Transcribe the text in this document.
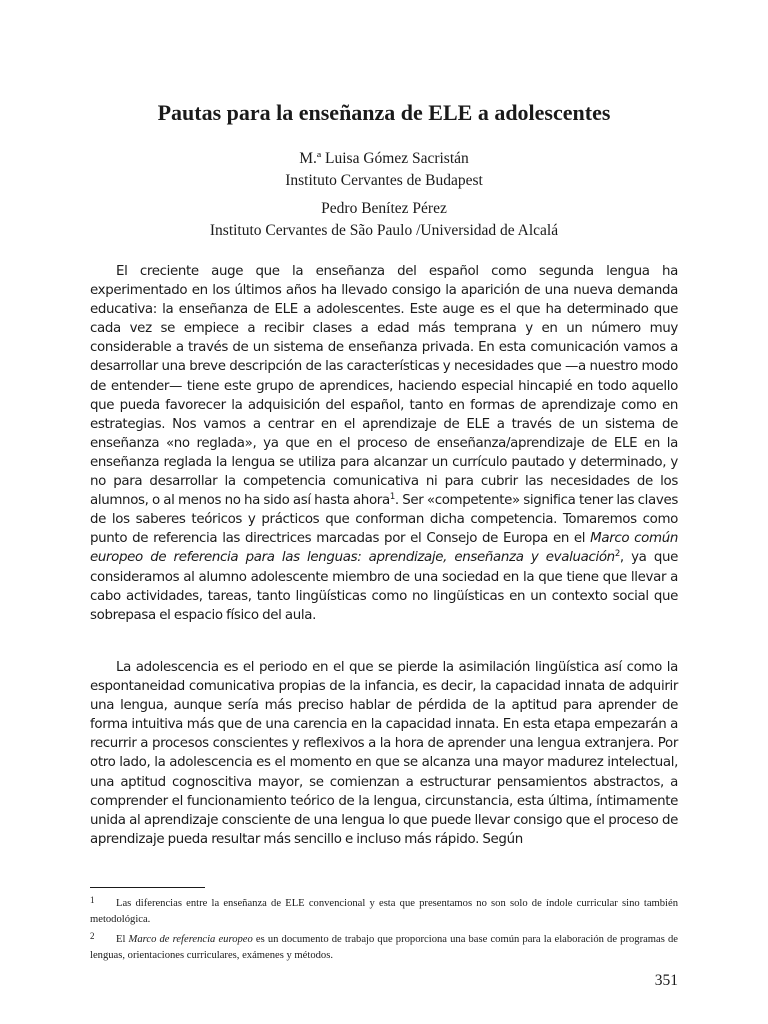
Pautas para la enseñanza de ELE a adolescentes
M.ª Luisa Gómez Sacristán
Instituto Cervantes de Budapest
Pedro Benítez Pérez
Instituto Cervantes de São Paulo /Universidad de Alcalá

El creciente auge que la enseñanza del español como segunda lengua ha experimentado en los últimos años ha llevado consigo la aparición de una nueva demanda educativa: la enseñanza de ELE a adolescentes. Este auge es el que ha determinado que cada vez se empiece a recibir clases a edad más temprana y en un número muy considerable a través de un sistema de enseñanza privada. En esta comunicación vamos a desarrollar una breve descripción de las características y necesidades que —a nuestro modo de entender— tiene este grupo de aprendices, haciendo especial hincapié en todo aquello que pueda favorecer la adquisición del español, tanto en formas de aprendizaje como en estrategias. Nos vamos a centrar en el aprendizaje de ELE a través de un sistema de enseñanza «no reglada», ya que en el proceso de enseñanza/aprendizaje de ELE en la enseñanza reglada la lengua se utiliza para alcanzar un currículo pautado y determinado, y no para desarrollar la competencia comunicativa ni para cubrir las necesidades de los alumnos, o al menos no ha sido así hasta ahora$^1$. Ser «competente» significa tener las claves de los saberes teóricos y prácticos que conforman dicha competencia. Tomaremos como punto de referencia las directrices marcadas por el Consejo de Europa en el Marco común europeo de referencia para las lenguas: aprendizaje, enseñanza y evaluación$^2$, ya que consideramos al alumno adolescente miembro de una sociedad en la que tiene que llevar a cabo actividades, tareas, tanto lingüísticas como no lingüísticas en un contexto social que sobrepasa el espacio físico del aula.

La adolescencia es el periodo en el que se pierde la asimilación lingüística así como la espontaneidad comunicativa propias de la infancia, es decir, la capacidad innata de adquirir una lengua, aunque sería más preciso hablar de pérdida de la aptitud para aprender de forma intuitiva más que de una carencia en la capacidad innata. En esta etapa empezarán a recurrir a procesos conscientes y reflexivos a la hora de aprender una lengua extranjera. Por otro lado, la adolescencia es el momento en que se alcanza una mayor madurez intelectual, una aptitud cognoscitiva mayor, se comienzan a estructurar pensamientos abstractos, a comprender el funcionamiento teórico de la lengua, circunstancia, esta última, íntimamente unida al aprendizaje consciente de una lengua lo que puede llevar consigo que el proceso de aprendizaje pueda resultar más sencillo e incluso más rápido. Según

$^1$ Las diferencias entre la enseñanza de ELE convencional y esta que presentamos no son solo de índole curricular sino también metodológica.

$^2$ El Marco de referencia europeo es un documento de trabajo que proporciona una base común para la elaboración de programas de lenguas, orientaciones curriculares, exámenes y métodos.

351
